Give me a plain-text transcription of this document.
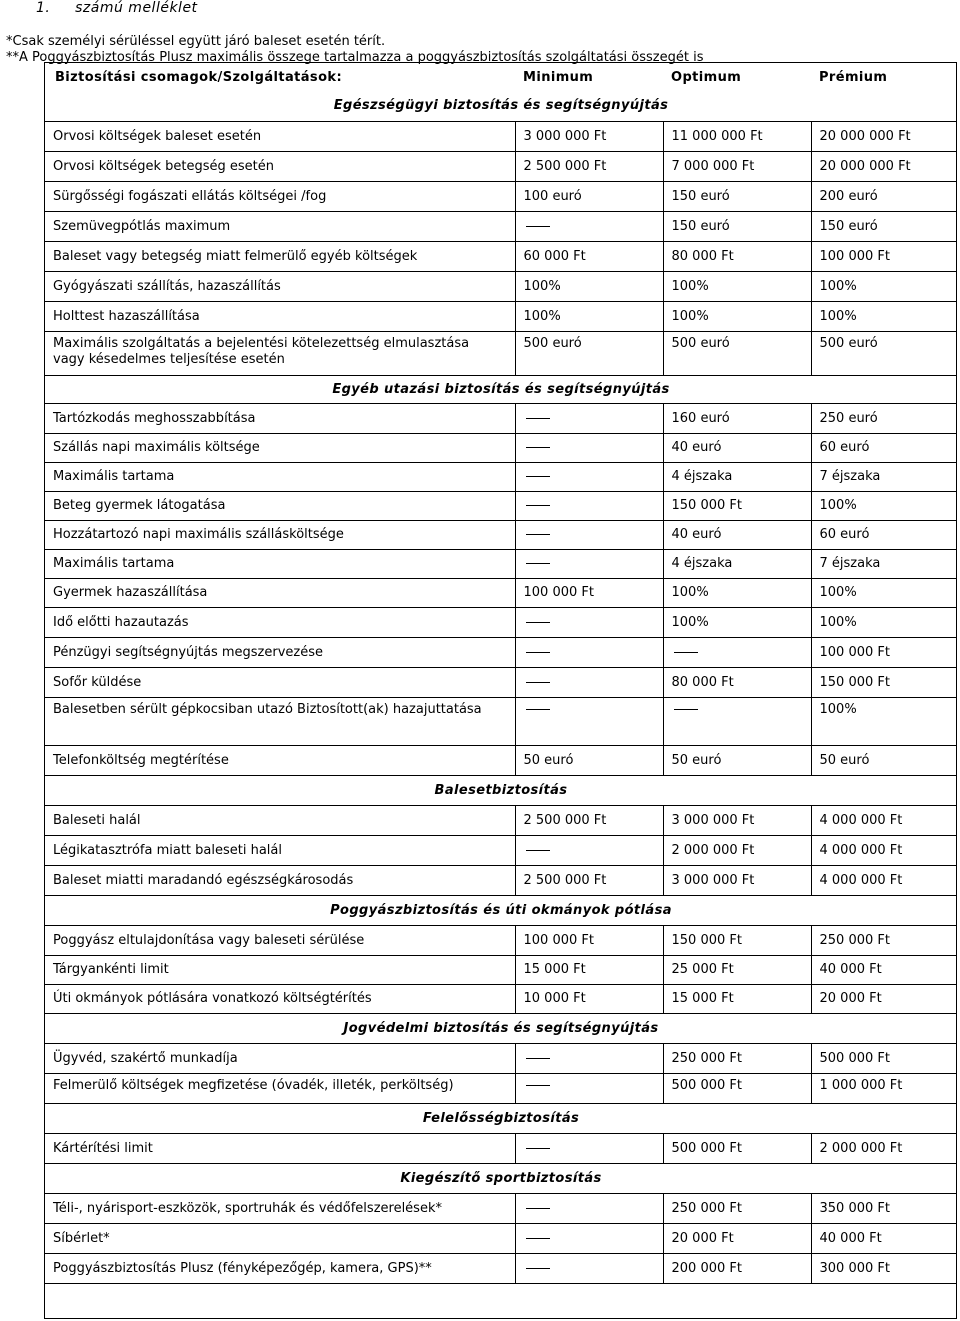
1. számú melléklet
*Csak személyi sérüléssel együtt járó baleset esetén térít.
**A Poggyászbiztosítás Plusz maximális összege tartalmazza a poggyászbiztosítás szolgáltatási összegét is
Biztosítási csomagok/Szolgáltatások:	Minimum	Optimum	Prémium
Egészségügyi biztosítás és segítségnyújtás			
Orvosi költségek baleset esetén	3 000 000 Ft	11 000 000 Ft	20 000 000 Ft
Orvosi költségek betegség esetén	2 500 000 Ft	7 000 000 Ft	20 000 000 Ft
Sürgősségi fogászati ellátás költségei /fog	100 euró	150 euró	200 euró
Szemüvegpótlás maximum		150 euró	150 euró
Baleset vagy betegség miatt felmerülő egyéb költségek	60 000 Ft	80 000 Ft	100 000 Ft
Gyógyászati szállítás, hazaszállítás	100%	100%	100%
Holttest hazaszállítása	100%	100%	100%
Maximális szolgáltatás a bejelentési kötelezettség elmulasztása vagy késedelmes teljesítése esetén	500 euró	500 euró	500 euró
Egyéb utazási biztosítás és segítségnyújtás			
Tartózkodás meghosszabbítása		160 euró	250 euró
Szállás napi maximális költsége		40 euró	60 euró
Maximális tartama		4 éjszaka	7 éjszaka
Beteg gyermek látogatása		150 000 Ft	100%
Hozzátartozó napi maximális szállásköltsége		40 euró	60 euró
Maximális tartama		4 éjszaka	7 éjszaka
Gyermek hazaszállítása	100 000 Ft	100%	100%
Idő előtti hazautazás		100%	100%
Pénzügyi segítségnyújtás megszervezése			100 000 Ft
Sofőr küldése		80 000 Ft	150 000 Ft
Balesetben sérült gépkocsiban utazó Biztosított(ak) hazajuttatása			100%
Telefonköltség megtérítése	50 euró	50 euró	50 euró
Balesetbiztosítás			
Baleseti halál	2 500 000 Ft	3 000 000 Ft	4 000 000 Ft
Légikatasztrófa miatt baleseti halál		2 000 000 Ft	4 000 000 Ft
Baleset miatti maradandó egészségkárosodás	2 500 000 Ft	3 000 000 Ft	4 000 000 Ft
Poggyászbiztosítás és úti okmányok pótlása			
Poggyász eltulajdonítása vagy baleseti sérülése	100 000 Ft	150 000 Ft	250 000 Ft
Tárgyankénti limit	15 000 Ft	25 000 Ft	40 000 Ft
Úti okmányok pótlására vonatkozó költségtérítés	10 000 Ft	15 000 Ft	20 000 Ft
Jogvédelmi biztosítás és segítségnyújtás			
Ügyvéd, szakértő munkadíja		250 000 Ft	500 000 Ft
Felmerülő költségek megfizetése (óvadék, illeték, perköltség)		500 000 Ft	1 000 000 Ft
Felelősségbiztosítás			
Kártérítési limit		500 000 Ft	2 000 000 Ft
Kiegészítő sportbiztosítás			
Téli-, nyárisport-eszközök, sportruhák és védőfelszerelések*		250 000 Ft	350 000 Ft
Síbérlet*		20 000 Ft	40 000 Ft
Poggyászbiztosítás Plusz (fényképezőgép, kamera, GPS)**		200 000 Ft	300 000 Ft
